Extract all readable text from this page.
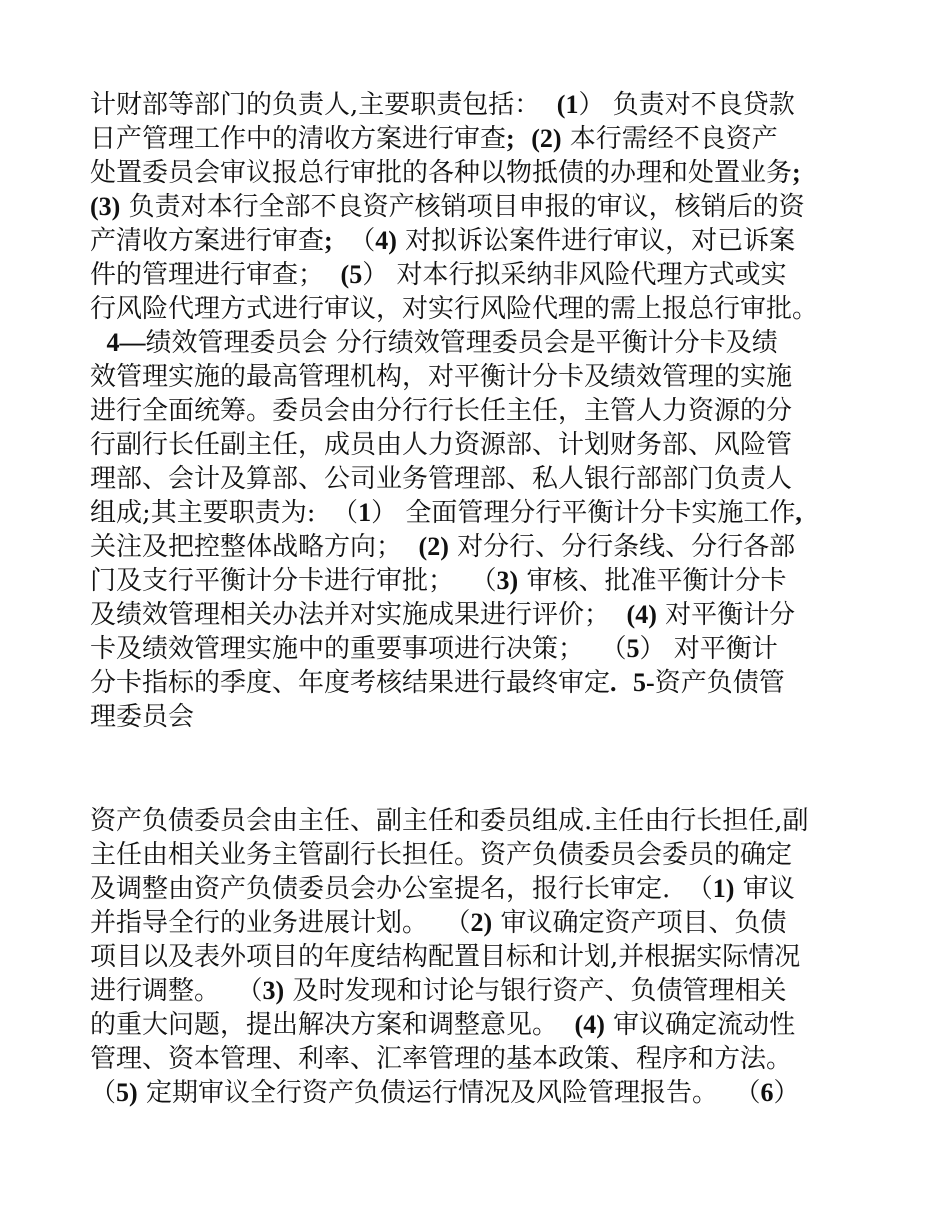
计财部等部门的负责人,主要职责包括：  (1） 负责对不良贷款
日产管理工作中的清收方案进行审查; (2) 本行需经不良资产
处置委员会审议报总行审批的各种以物抵债的办理和处置业务;
(3) 负责对本行全部不良资产核销项目申报的审议，核销后的资
产清收方案进行审查;  （4) 对拟诉讼案件进行审议，对已诉案
件的管理进行审查；  (5） 对本行拟采纳非风险代理方式或实
行风险代理方式进行审议，对实行风险代理的需上报总行审批。
4—绩效管理委员会 分行绩效管理委员会是平衡计分卡及绩
效管理实施的最高管理机构，对平衡计分卡及绩效管理的实施
进行全面统筹。委员会由分行行长任主任，主管人力资源的分
行副行长任副主任，成员由人力资源部、计划财务部、风险管
理部、会计及算部、公司业务管理部、私人银行部部门负责人
组成;其主要职责为:  （1） 全面管理分行平衡计分卡实施工作,
关注及把控整体战略方向；  (2) 对分行、分行条线、分行各部
门及支行平衡计分卡进行审批；  （3) 审核、批准平衡计分卡
及绩效管理相关办法并对实施成果进行评价；  (4) 对平衡计分
卡及绩效管理实施中的重要事项进行决策；  （5） 对平衡计
分卡指标的季度、年度考核结果进行最终审定. 5-资产负债管
理委员会
资产负债委员会由主任、副主任和委员组成.主任由行长担任,副
主任由相关业务主管副行长担任。资产负债委员会委员的确定
及调整由资产负债委员会办公室提名，报行长审定.  （1) 审议
并指导全行的业务进展计划。  （2) 审议确定资产项目、负债
项目以及表外项目的年度结构配置目标和计划,并根据实际情况
进行调整。  （3) 及时发现和讨论与银行资产、负债管理相关
的重大问题，提出解决方案和调整意见。  (4) 审议确定流动性
管理、资本管理、利率、汇率管理的基本政策、程序和方法。
（5) 定期审议全行资产负债运行情况及风险管理报告。  （6）
